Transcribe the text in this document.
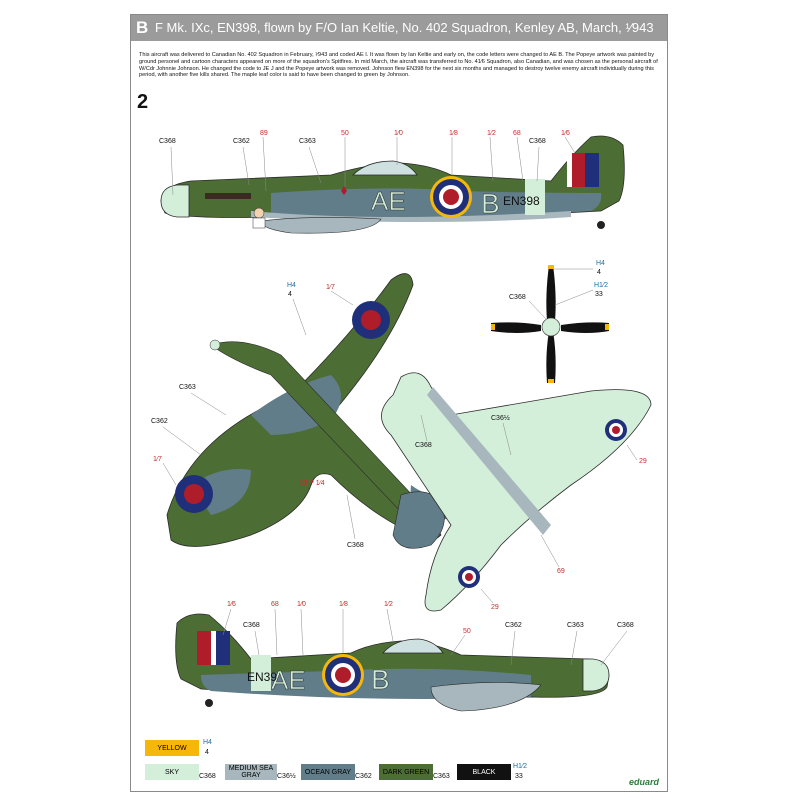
B F Mk. IXc, EN398, flown by F/O Ian Keltie, No. 402 Squadron, Kenley AB, March, ¹⁄943
This aircraft was delivered to Canadian No. 402 Squadron in February, ¹⁄943 and coded AE I. It was flown by Ian Keltie and early on, the code letters were changed to AE B. The Popeye artwork was painted by ground personel and cartoon characters appeared on more of the squadron's Spitfires. In mid March, the aircraft was transferred to No. 41⁄6 Squadron, also Canadian, and was chosen as the personal aircraft of W/Cdr Johnnie Johnson. He changed the code to JE J and the Popeye artwork was removed. Johnson flew EN398 for the next six months and managed to destroy twelve enemy aircraft individually during this period, with another five kills shared. The maple leaf color is said to have been changed to green by Johnson.
2
AE	B EN398
C368	C362
89
C363
50	1⁄0	1⁄8	1⁄2 68
C368
1⁄6
H4
4
1⁄7
C363
C362
1⁄7
1⁄8 ? 1⁄4
C368
H4
4
C368
H1⁄2
33
C36½
C368
29
69
29
AE B
EN39
1⁄6
C368
68	1⁄0	1⁄8	1⁄2
50
C362	C363	C368
YELLOW
H4
4
SKY
C368
MEDIUM SEA GRAY	C36½
OCEAN GRAY
C362
DARK GREEN
C363
BLACK
H1⁄2
33
eduard
